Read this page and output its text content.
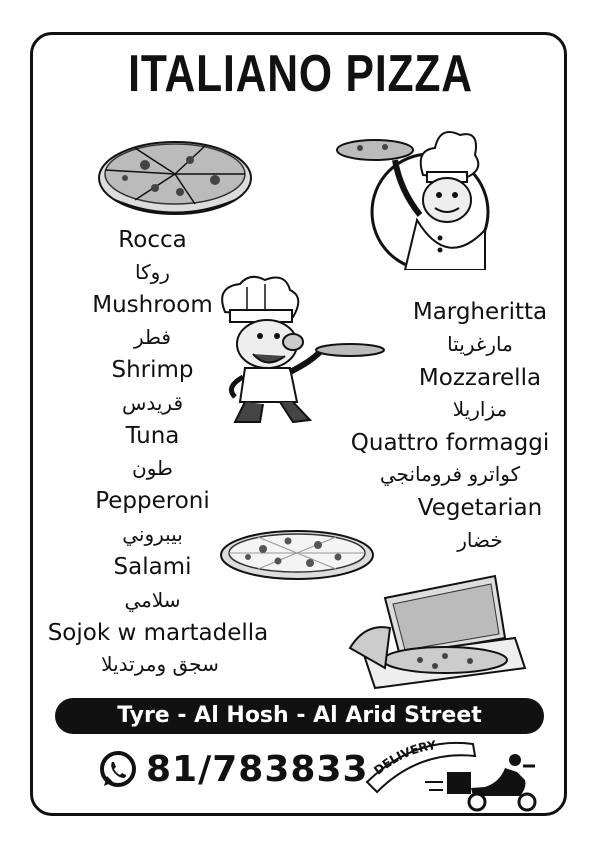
ITALIANO PIZZA
Rocca
روكا
Mushroom
فطر
Shrimp
قريدس
Tuna
طون
Pepperoni
بيبروني
Salami
سلامي
Sojok w martadella
سجق ومرتديلا
Margheritta
مارغريتا
Mozzarella
مزاريلا
Quattro formaggi
كواترو فرومانجي
Vegetarian
خضار
Tyre - Al Hosh - Al Arid Street
81/783833 DELIVERY
